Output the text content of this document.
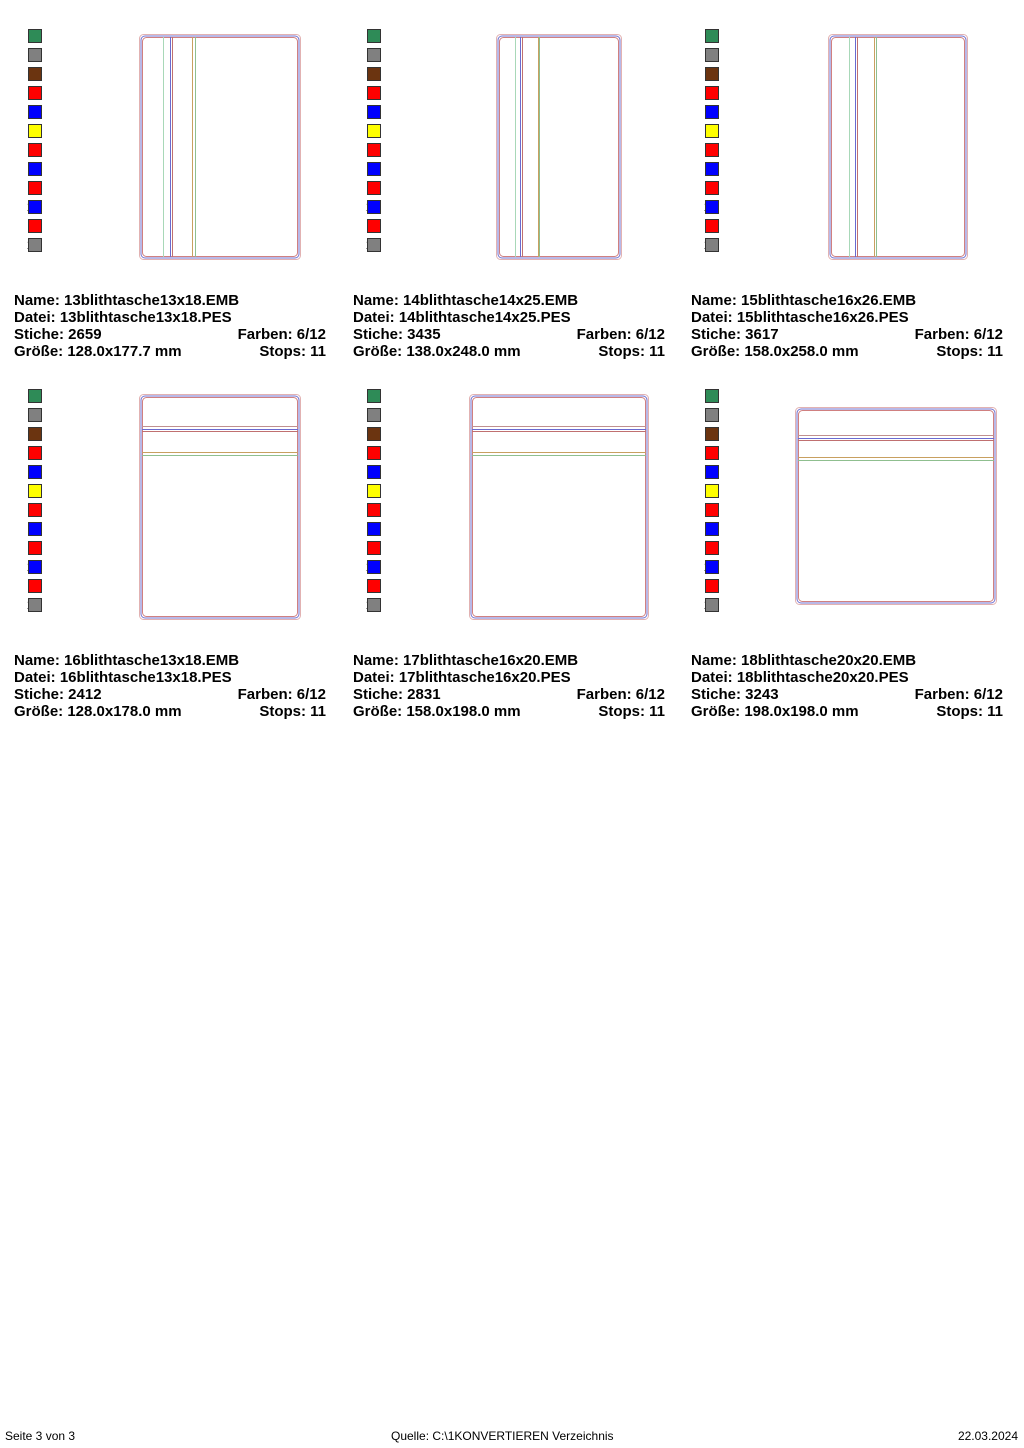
Name: 13blithtasche13x18.EMB
Datei: 13blithtasche13x18.PES
Stiche: 2659	Farben: 6/12
Größe: 128.0x177.7 mm	Stops: 11
Name: 14blithtasche14x25.EMB
Datei: 14blithtasche14x25.PES
Stiche: 3435	Farben: 6/12
Größe: 138.0x248.0 mm	Stops: 11
Name: 15blithtasche16x26.EMB
Datei: 15blithtasche16x26.PES
Stiche: 3617	Farben: 6/12
Größe: 158.0x258.0 mm	Stops: 11
Name: 16blithtasche13x18.EMB
Datei: 16blithtasche13x18.PES
Stiche: 2412	Farben: 6/12
Größe: 128.0x178.0 mm	Stops: 11
Name: 17blithtasche16x20.EMB
Datei: 17blithtasche16x20.PES
Stiche: 2831	Farben: 6/12
Größe: 158.0x198.0 mm	Stops: 11
Name: 18blithtasche20x20.EMB
Datei: 18blithtasche20x20.PES
Stiche: 3243	Farben: 6/12
Größe: 198.0x198.0 mm	Stops: 11
Seite 3 von 3	Quelle: C:\1KONVERTIEREN Verzeichnis	22.03.2024
